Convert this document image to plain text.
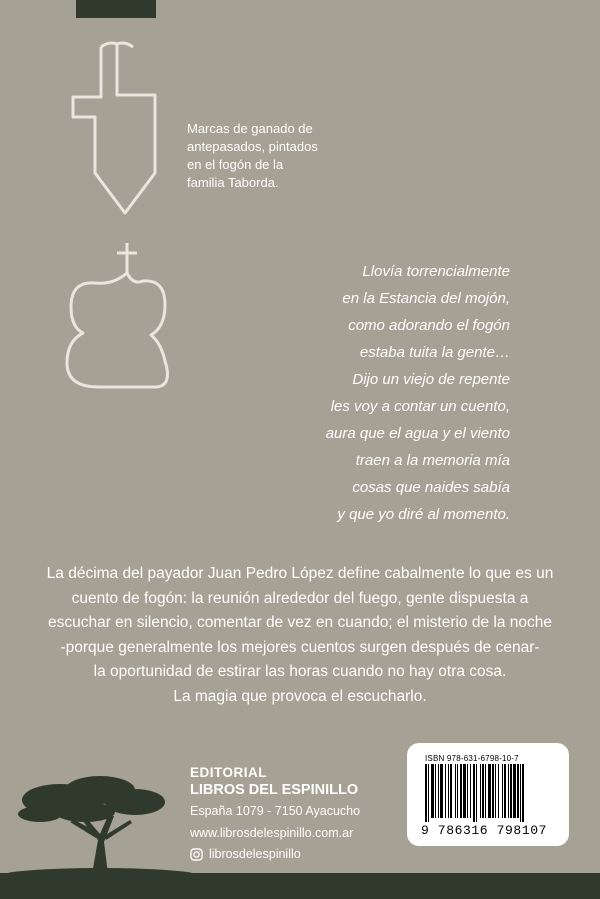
Marcas de ganado de
antepasados, pintados
en el fogón de la
familia Taborda.
Llovía torrencialmente
en la Estancia del mojón,
como adorando el fogón
estaba tuita la gente…
Dijo un viejo de repente
les voy a contar un cuento,
aura que el agua y el viento
traen a la memoria mía
cosas que naides sabía
y que yo diré al momento.
La décima del payador Juan Pedro López define cabalmente lo que es un
cuento de fogón: la reunión alrededor del fuego, gente dispuesta a
escuchar en silencio, comentar de vez en cuando; el misterio de la noche
-porque generalmente los mejores cuentos surgen después de cenar-
la oportunidad de estirar las horas cuando no hay otra cosa.
La magia que provoca el escucharlo.
EDITORIAL
LIBROS DEL ESPINILLO
España 1079 - 7150 Ayacucho
www.librosdelespinillo.com.ar
librosdelespinillo
ISBN 978-631-6798-10-7
9 786316 798107
